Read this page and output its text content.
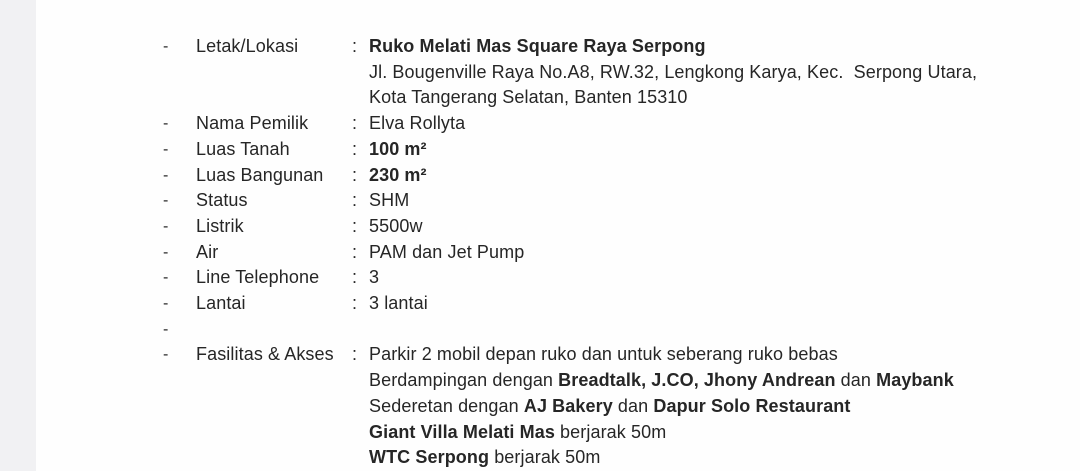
-	Letak/Lokasi	: Ruko Melati Mas Square Raya Serpong
Jl. Bougenville Raya No.A8, RW.32, Lengkong Karya, Kec.  Serpong Utara,
Kota Tangerang Selatan, Banten 15310
-	Nama Pemilik	: Elva Rollyta
-	Luas Tanah	: 100 m²
-	Luas Bangunan	: 230 m²
-	Status	: SHM
-	Listrik	: 5500w
-	Air	: PAM dan Jet Pump
-	Line Telephone	: 3
-	Lantai	: 3 lantai
-
-	Fasilitas & Akses	: Parkir 2 mobil depan ruko dan untuk seberang ruko bebas
Berdampingan dengan Breadtalk, J.CO, Jhony Andrean dan Maybank
Sederetan dengan AJ Bakery dan Dapur Solo Restaurant
Giant Villa Melati Mas berjarak 50m
WTC Serpong berjarak 50m
